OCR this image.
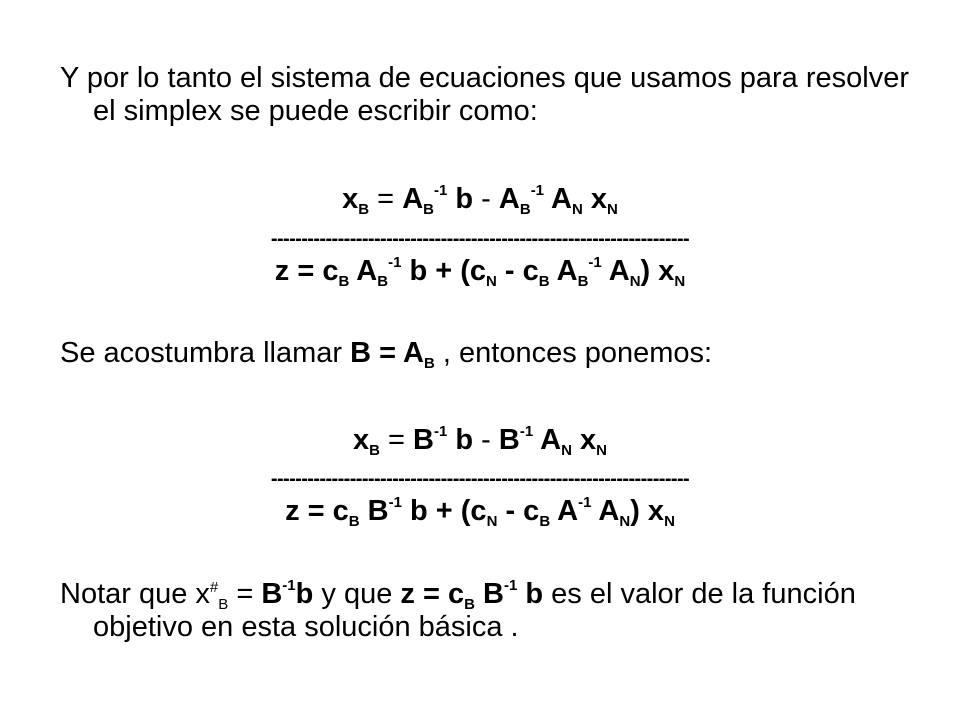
Y por lo tanto el sistema de ecuaciones que usamos para resolver el simplex se puede escribir como:
$x_B = A_B^{-1}$ b - $A_B^{-1}$ $A_N$ $x_N$
---------------------------------------------------------------------
$z = c_B$ $A_B^{-1}$ $b + (c_N - c_B$ $A_B^{-1}$ $A_N$) $x_N$
Se acostumbra llamar $B = A_B$ , entonces ponemos:
$x_B = B^{-1}$ b - $B^{-1}$ $A_N$ $x_N$
---------------------------------------------------------------------
$z = c_B$ $B^{-1}$ $b + (c_N - c_B$ $A^{-1}$ $A_N$) $x_N$
Notar que $x^{\#}_B = B^{-1}b$ y que $z = c_B$ $B^{-1}$ b es el valor de la función objetivo en esta solución básica .
